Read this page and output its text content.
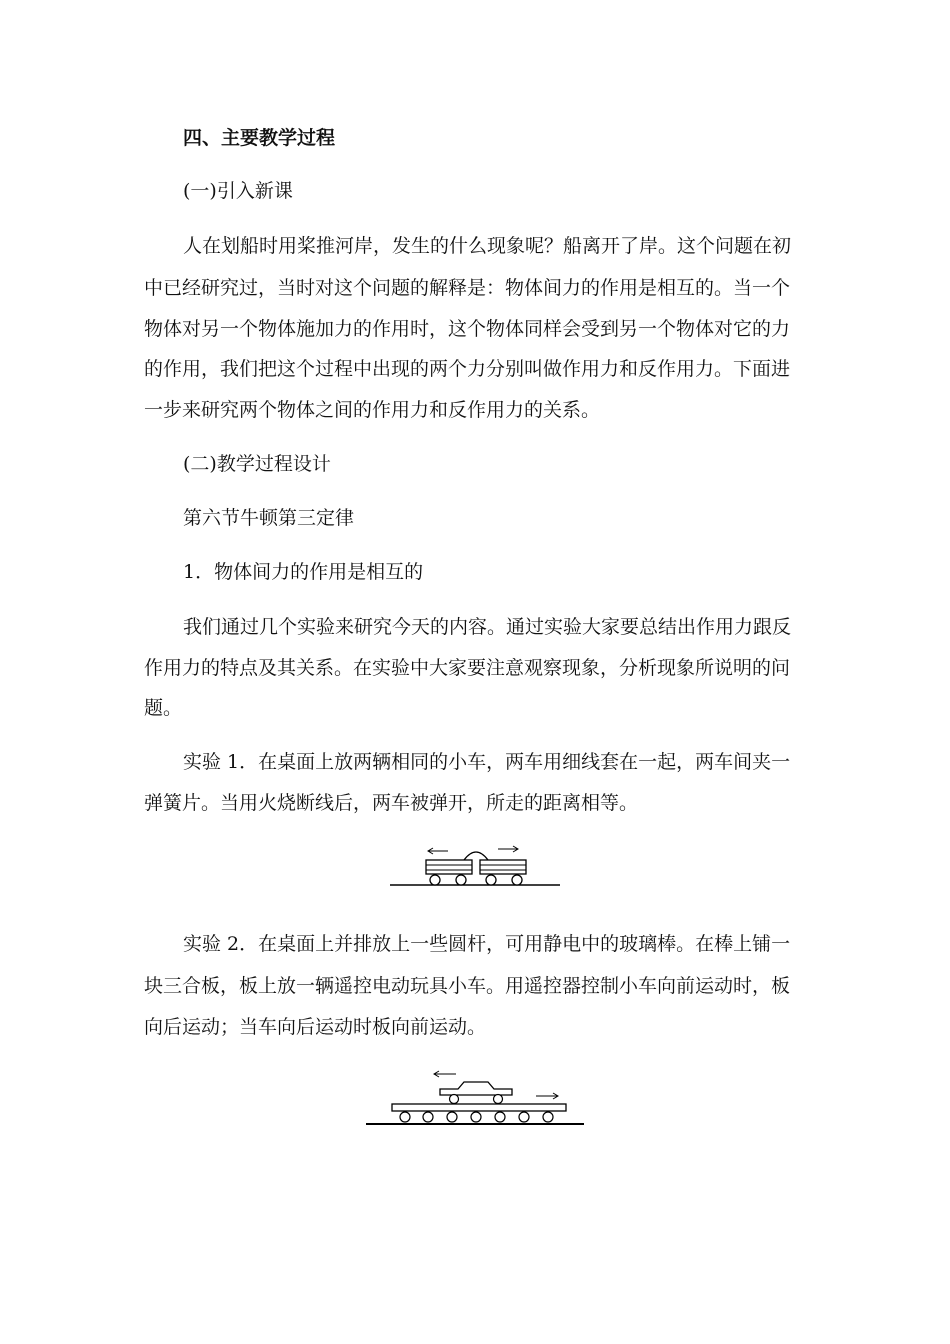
四、主要教学过程
(一)引入新课
人在划船时用桨推河岸，发生的什么现象呢？船离开了岸。这个问题在初
中已经研究过，当时对这个问题的解释是：物体间力的作用是相互的。当一个
物体对另一个物体施加力的作用时，这个物体同样会受到另一个物体对它的力
的作用，我们把这个过程中出现的两个力分别叫做作用力和反作用力。下面进
一步来研究两个物体之间的作用力和反作用力的关系。
(二)教学过程设计
第六节牛顿第三定律
1．物体间力的作用是相互的
我们通过几个实验来研究今天的内容。通过实验大家要总结出作用力跟反
作用力的特点及其关系。在实验中大家要注意观察现象，分析现象所说明的问
题。
实验 1．在桌面上放两辆相同的小车，两车用细线套在一起，两车间夹一
弹簧片。当用火烧断线后，两车被弹开，所走的距离相等。
实验 2．在桌面上并排放上一些圆杆，可用静电中的玻璃棒。在棒上铺一
块三合板，板上放一辆遥控电动玩具小车。用遥控器控制小车向前运动时，板
向后运动；当车向后运动时板向前运动。
